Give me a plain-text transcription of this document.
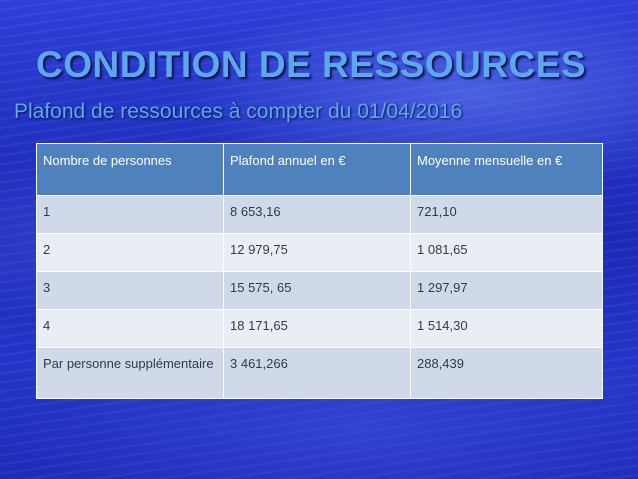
CONDITION DE RESSOURCES
Plafond de ressources à compter du 01/04/2016
Nombre de personnes	Plafond annuel en €	Moyenne mensuelle en €
1	8 653,16	721,10
2	12 979,75	1 081,65
3	15 575, 65	1 297,97
4	18 171,65	1 514,30
Par personne supplémentaire	3 461,266	288,439
